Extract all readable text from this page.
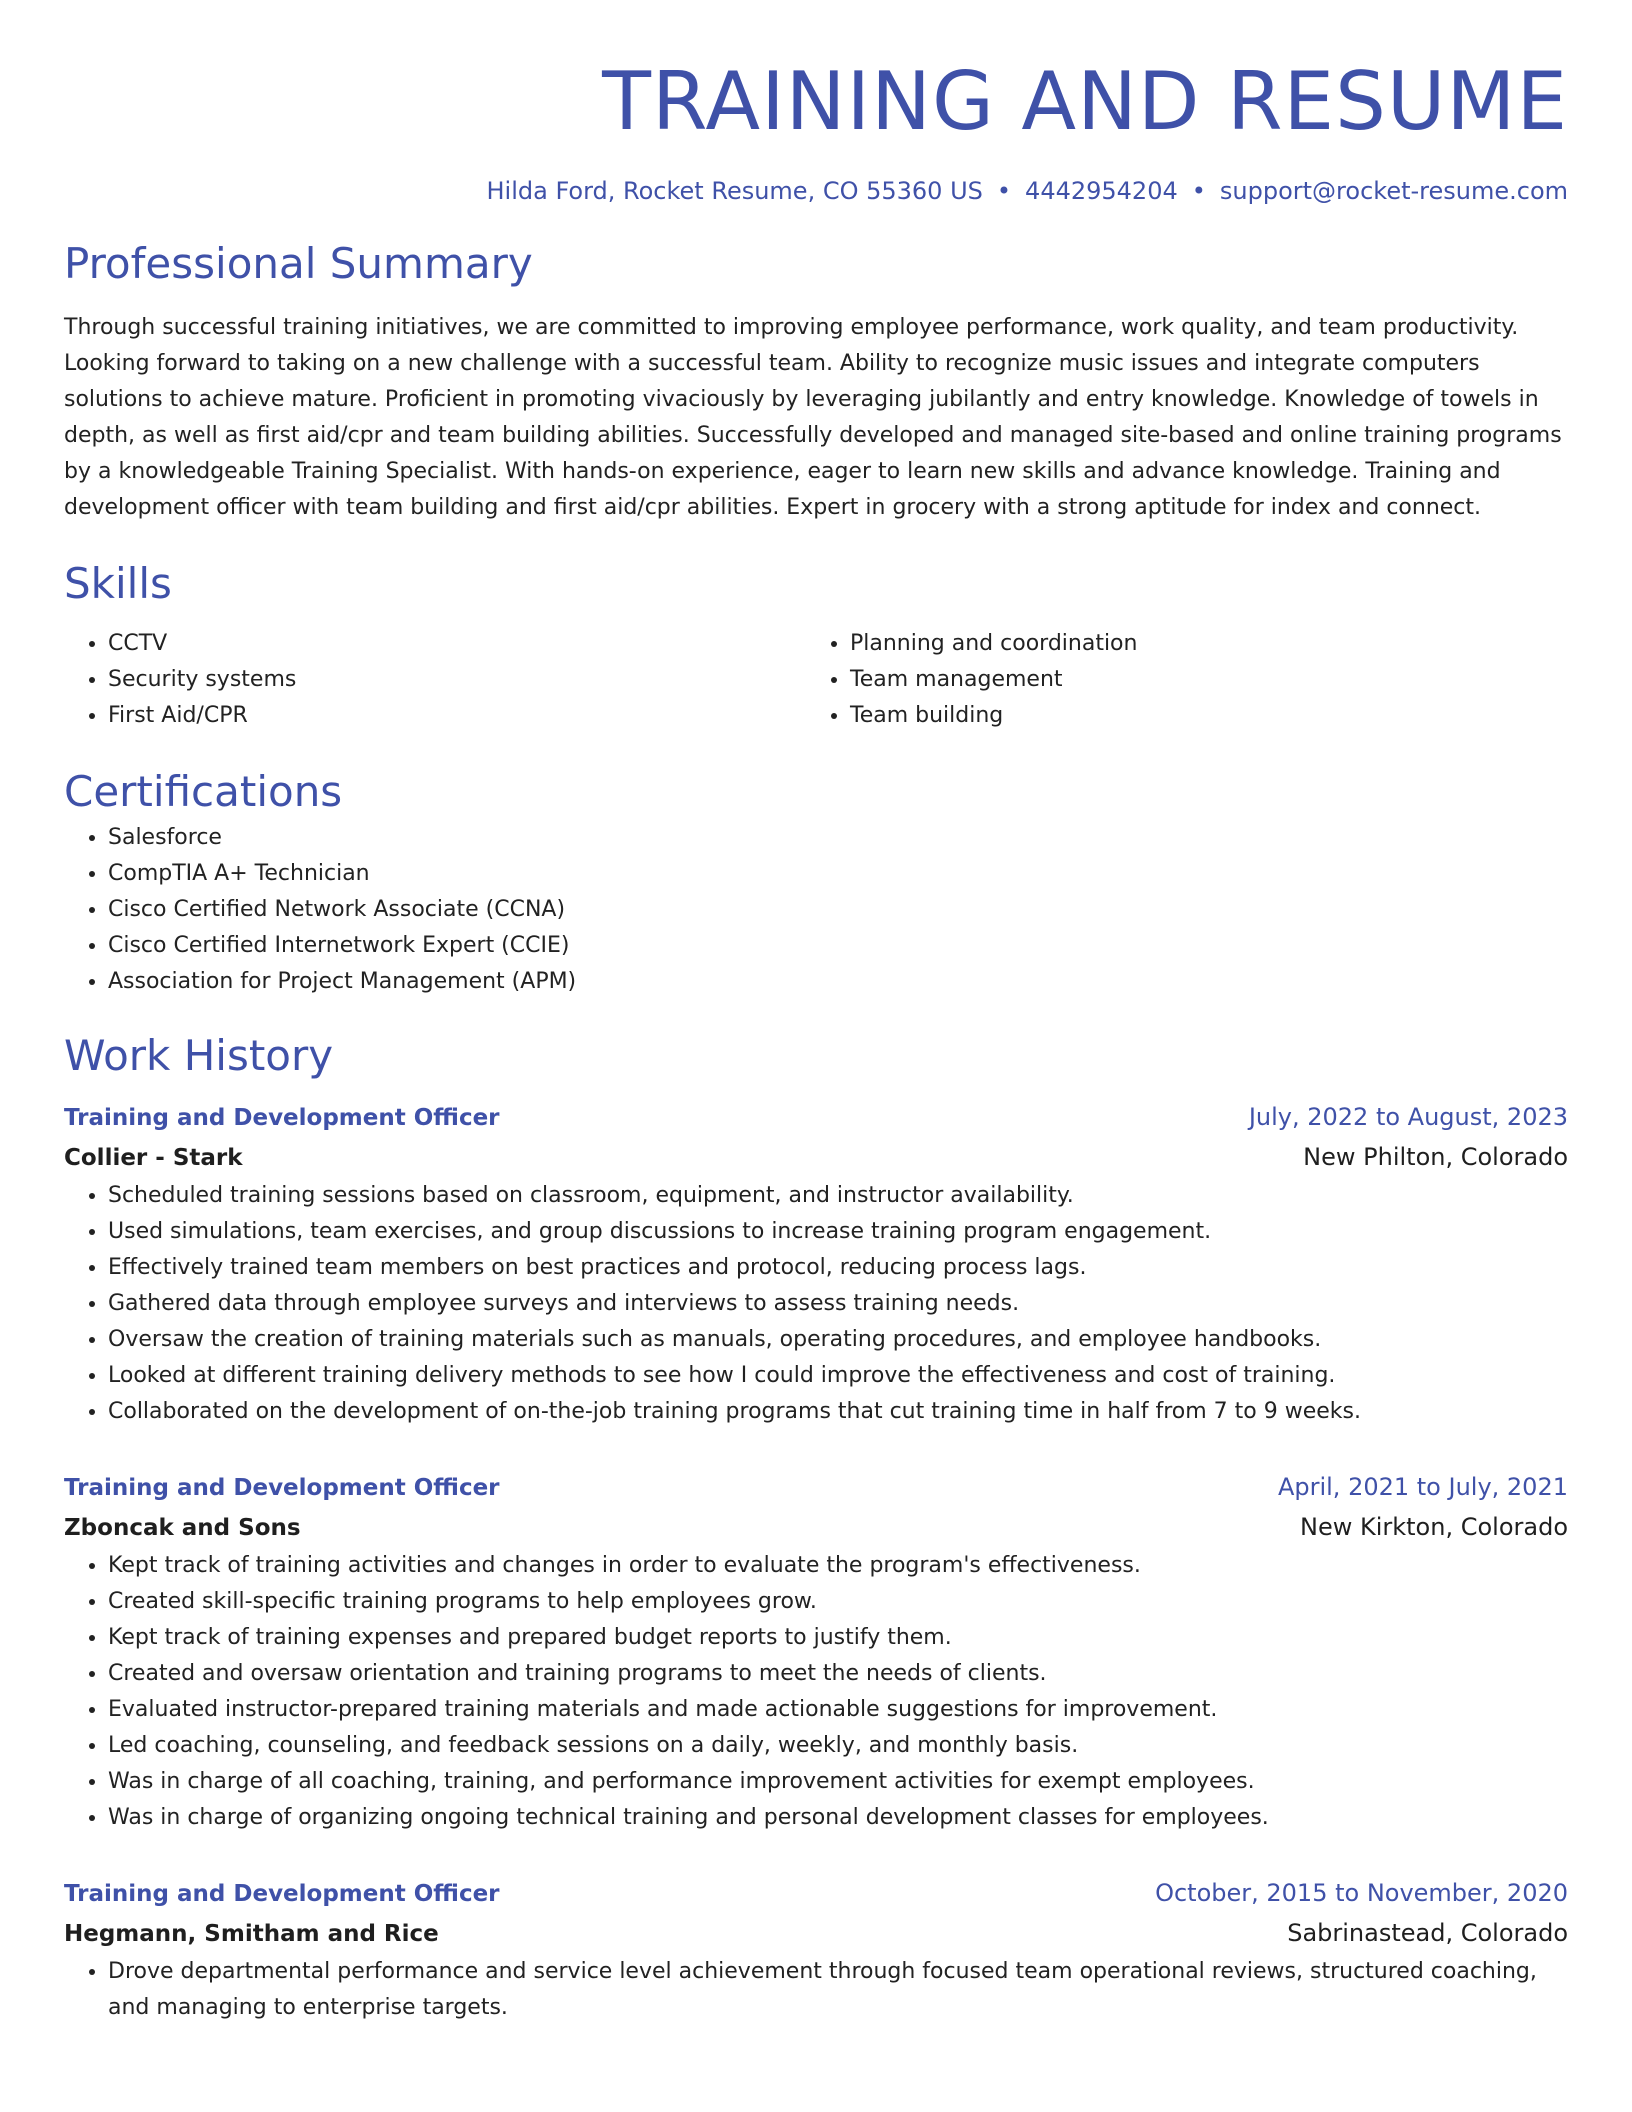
TRAINING AND RESUME
Hilda Ford, Rocket Resume, CO 55360 US • 4442954204 • support@rocket-resume.com
Professional Summary

Through successful training initiatives, we are committed to improving employee performance, work quality, and team productivity. Looking forward to taking on a new challenge with a successful team. Ability to recognize music issues and integrate computers solutions to achieve mature. Proficient in promoting vivaciously by leveraging jubilantly and entry knowledge. Knowledge of towels in depth, as well as first aid/cpr and team building abilities. Successfully developed and managed site-based and online training programs by a knowledgeable Training Specialist. With hands-on experience, eager to learn new skills and advance knowledge. Training and development officer with team building and first aid/cpr abilities. Expert in grocery with a strong aptitude for index and connect.

Skills
• CCTV
• Security systems
• First Aid/CPR
• Planning and coordination
• Team management
• Team building
Certifications
• Salesforce
• CompTIA A+ Technician
• Cisco Certified Network Associate (CCNA)
• Cisco Certified Internetwork Expert (CCIE)
• Association for Project Management (APM)
Work History
Training and Development Officer	July, 2022 to August, 2023
Collier - Stark	New Philton, Colorado
• Scheduled training sessions based on classroom, equipment, and instructor availability.
• Used simulations, team exercises, and group discussions to increase training program engagement.
• Effectively trained team members on best practices and protocol, reducing process lags.
• Gathered data through employee surveys and interviews to assess training needs.
• Oversaw the creation of training materials such as manuals, operating procedures, and employee handbooks.
• Looked at different training delivery methods to see how I could improve the effectiveness and cost of training.
• Collaborated on the development of on-the-job training programs that cut training time in half from 7 to 9 weeks.
Training and Development Officer	April, 2021 to July, 2021
Zboncak and Sons	New Kirkton, Colorado
• Kept track of training activities and changes in order to evaluate the program's effectiveness.
• Created skill-specific training programs to help employees grow.
• Kept track of training expenses and prepared budget reports to justify them.
• Created and oversaw orientation and training programs to meet the needs of clients.
• Evaluated instructor-prepared training materials and made actionable suggestions for improvement.
• Led coaching, counseling, and feedback sessions on a daily, weekly, and monthly basis.
• Was in charge of all coaching, training, and performance improvement activities for exempt employees.
• Was in charge of organizing ongoing technical training and personal development classes for employees.
Training and Development Officer	October, 2015 to November, 2020
Hegmann, Smitham and Rice	Sabrinastead, Colorado
• Drove departmental performance and service level achievement through focused team operational reviews, structured coaching, and managing to enterprise targets.
